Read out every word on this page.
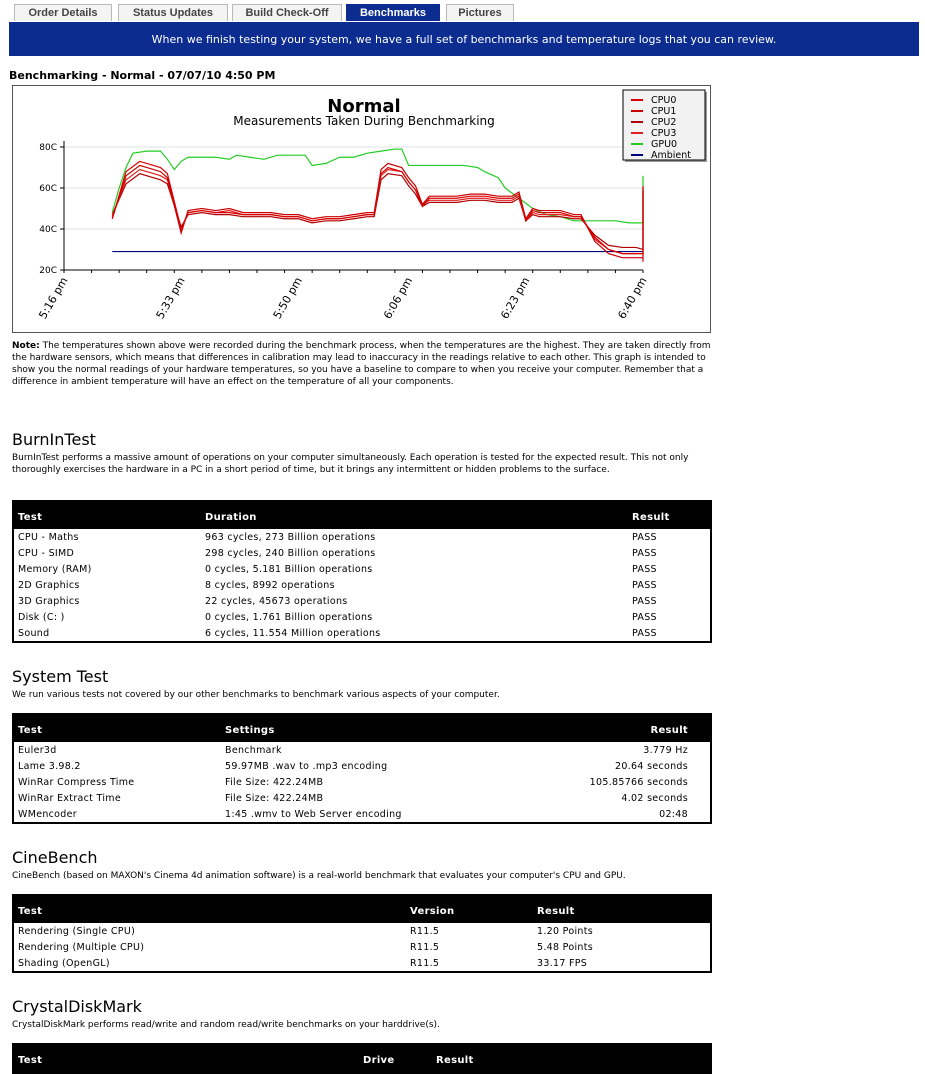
Order Details	Status Updates	Build Check-Off	Benchmarks	Pictures
When we finish testing your system, we have a full set of benchmarks and temperature logs that you can review.
Benchmarking - Normal - 07/07/10 4:50 PM
Normal
Measurements Taken During Benchmarking
80C
60C
40C
20C
5:16 pm	5:33 pm	5:50 pm	6:06 pm	6:23 pm	6:40 pm
CPU0
CPU1
CPU2
CPU3
GPU0
Ambient
Note: The temperatures shown above were recorded during the benchmark process, when the temperatures are the highest. They are taken directly from the hardware sensors, which means that differences in calibration may lead to inaccuracy in the readings relative to each other. This graph is intended to show you the normal readings of your hardware temperatures, so you have a baseline to compare to when you receive your computer. Remember that a difference in ambient temperature will have an effect on the temperature of all your components.
BurnInTest
BurnInTest performs a massive amount of operations on your computer simultaneously. Each operation is tested for the expected result. This not only thoroughly exercises the hardware in a PC in a short period of time, but it brings any intermittent or hidden problems to the surface.
Test	Duration	Result
CPU - Maths	963 cycles, 273 Billion operations	PASS
CPU - SIMD	298 cycles, 240 Billion operations	PASS
Memory (RAM)	0 cycles, 5.181 Billion operations	PASS
2D Graphics	8 cycles, 8992 operations	PASS
3D Graphics	22 cycles, 45673 operations	PASS
Disk (C: )	0 cycles, 1.761 Billion operations	PASS
Sound	6 cycles, 11.554 Million operations	PASS
System Test
We run various tests not covered by our other benchmarks to benchmark various aspects of your computer.
Test	Settings	Result
Euler3d	Benchmark	3.779 Hz
Lame 3.98.2	59.97MB .wav to .mp3 encoding	20.64 seconds
WinRar Compress Time	File Size: 422.24MB	105.85766 seconds
WinRar Extract Time	File Size: 422.24MB	4.02 seconds
WMencoder	1:45 .wmv to Web Server encoding	02:48
CineBench
CineBench (based on MAXON's Cinema 4d animation software) is a real-world benchmark that evaluates your computer's CPU and GPU.
Test	Version	Result
Rendering (Single CPU)	R11.5	1.20 Points
Rendering (Multiple CPU)	R11.5	5.48 Points
Shading (OpenGL)	R11.5	33.17 FPS
CrystalDiskMark
CrystalDiskMark performs read/write and random read/write benchmarks on your harddrive(s).
Test	Drive	Result
